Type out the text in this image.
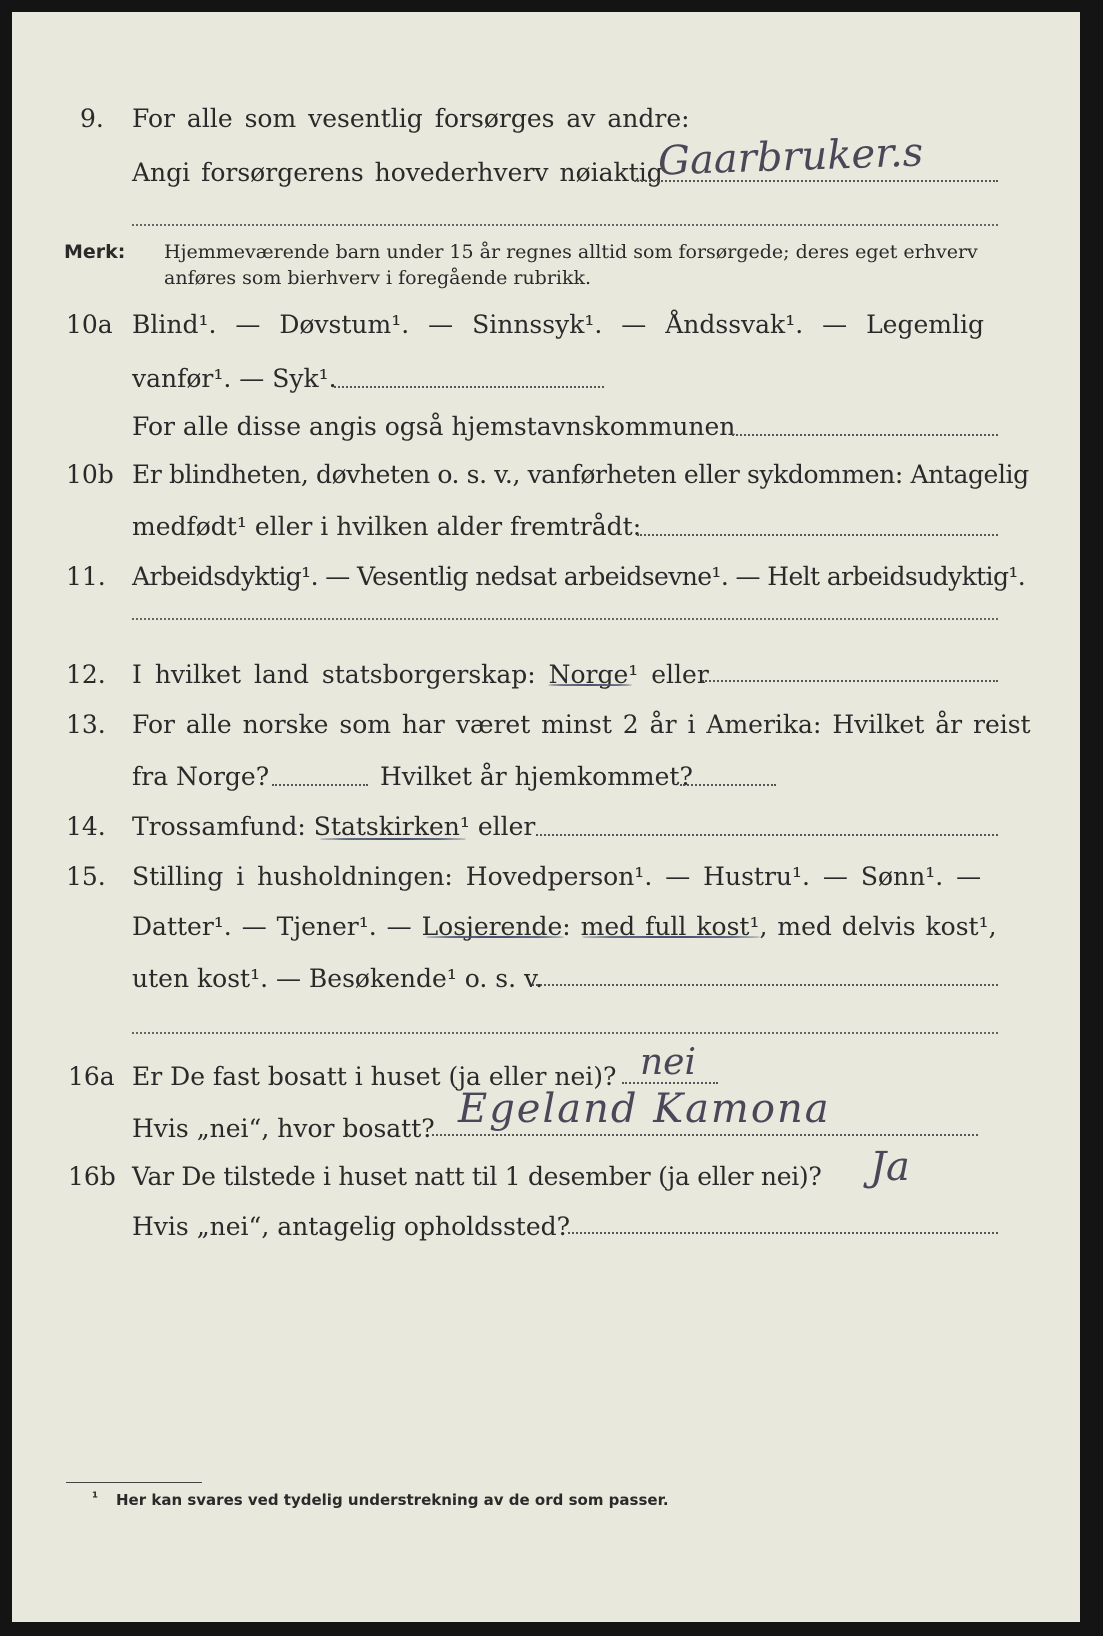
9. For alle som vesentlig forsørges av andre:
Angi forsørgerens hovederhverv nøiaktig
Gaarbruker.s
Merk: Hjemmeværende barn under 15 år regnes alltid som forsørgede; deres eget erhverv
anføres som bierhverv i foregående rubrikk.
10a Blind¹. — Døvstum¹. — Sinnssyk¹. — Åndssvak¹. — Legemlig
vanfør¹. — Syk¹.
For alle disse angis også hjemstavnskommunen
10b Er blindheten, døvheten o. s. v., vanførheten eller sykdommen: Antagelig
medfødt¹ eller i hvilken alder fremtrådt:
11. Arbeidsdyktig¹. — Vesentlig nedsat arbeidsevne¹. — Helt arbeidsudyktig¹.
12. I hvilket land statsborgerskap: Norge¹ eller
13. For alle norske som har været minst 2 år i Amerika: Hvilket år reist
fra Norge?	Hvilket år hjemkommet?
14. Trossamfund: Statskirken¹ eller
15. Stilling i husholdningen: Hovedperson¹. — Hustru¹. — Sønn¹. —
Datter¹. — Tjener¹. — Losjerende: med full kost¹, med delvis kost¹,
uten kost¹. — Besøkende¹ o. s. v.
16a Er De fast bosatt i huset (ja eller nei)? nei
Hvis „nei“, hvor bosatt? Egeland Kamona
16b Var De tilstede i huset natt til 1 desember (ja eller nei)? Ja
Hvis „nei“, antagelig opholdssted?
¹ Her kan svares ved tydelig understrekning av de ord som passer.
